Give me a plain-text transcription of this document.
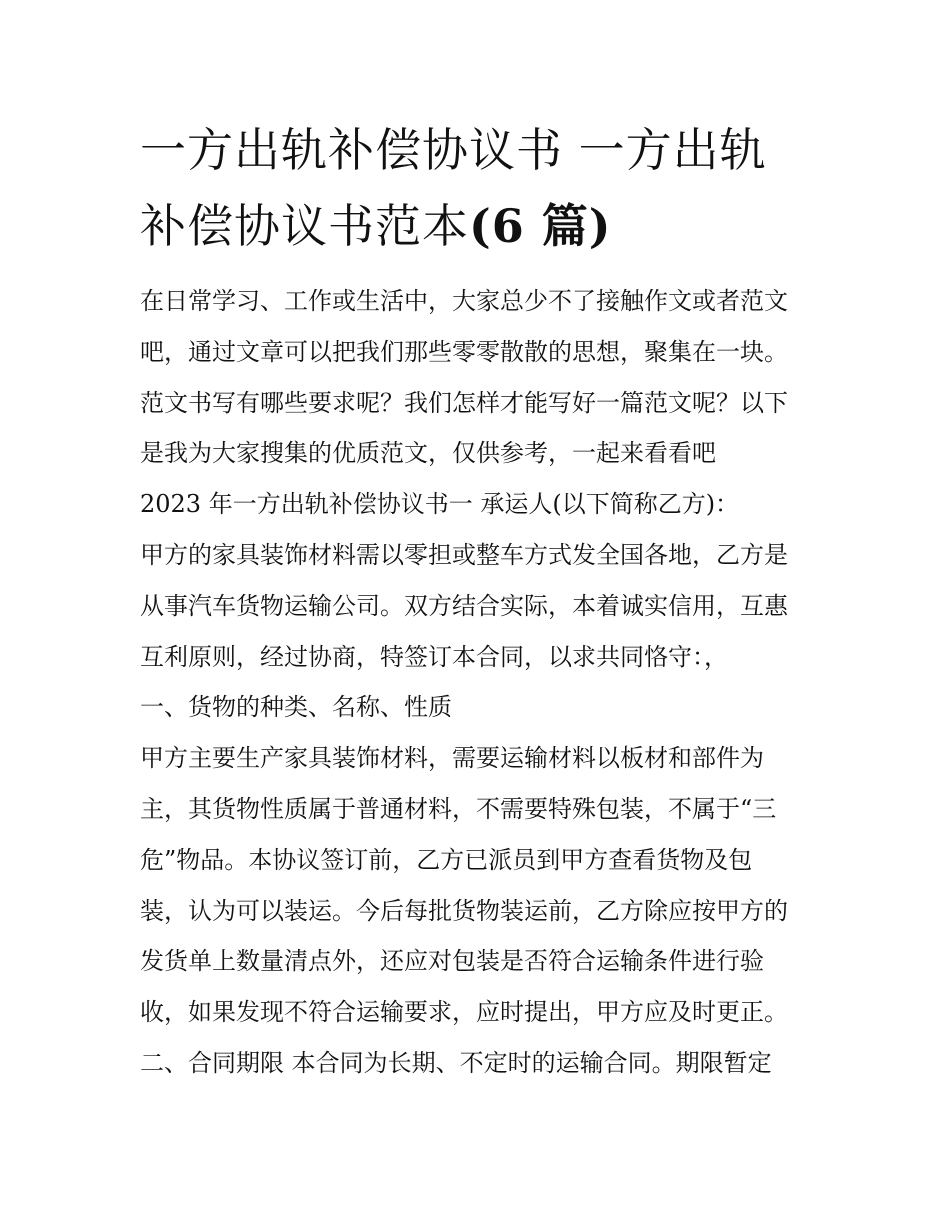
一方出轨补偿协议书 一方出轨
补偿协议书范本(6 篇)
在日常学习、工作或生活中，大家总少不了接触作文或者范文
吧，通过文章可以把我们那些零零散散的思想，聚集在一块。
范文书写有哪些要求呢？我们怎样才能写好一篇范文呢？以下
是我为大家搜集的优质范文，仅供参考，一起来看看吧
2023 年一方出轨补偿协议书一 承运人(以下简称乙方)：
甲方的家具装饰材料需以零担或整车方式发全国各地，乙方是
从事汽车货物运输公司。双方结合实际，本着诚实信用，互惠
互利原则，经过协商，特签订本合同，以求共同恪守：，
一、货物的种类、名称、性质
甲方主要生产家具装饰材料，需要运输材料以板材和部件为
主，其货物性质属于普通材料，不需要特殊包装，不属于“三
危”物品。本协议签订前，乙方已派员到甲方查看货物及包
装，认为可以装运。今后每批货物装运前，乙方除应按甲方的
发货单上数量清点外，还应对包装是否符合运输条件进行验
收，如果发现不符合运输要求，应时提出，甲方应及时更正。
二、合同期限 本合同为长期、不定时的运输合同。期限暂定
